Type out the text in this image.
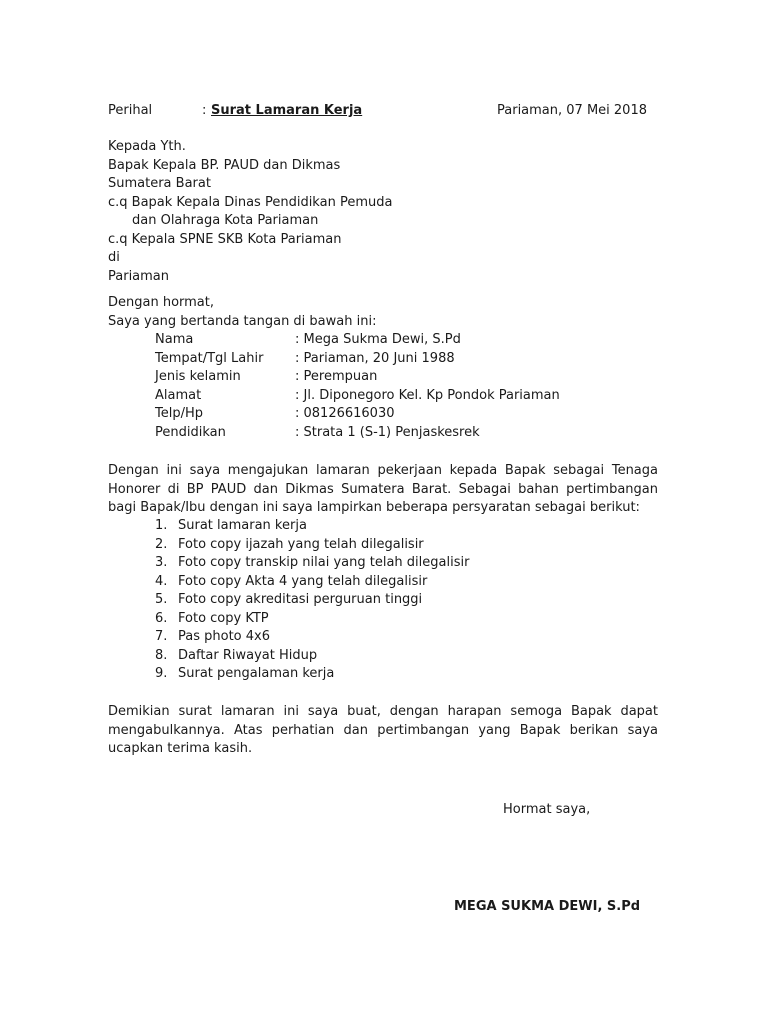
Perihal	: Surat Lamaran Kerja	Pariaman, 07 Mei 2018
Kepada Yth.
Bapak Kepala BP. PAUD dan Dikmas
Sumatera Barat
c.q Bapak Kepala Dinas Pendidikan Pemuda
dan Olahraga Kota Pariaman
c.q Kepala SPNE SKB Kota Pariaman
di
Pariaman
Dengan hormat,
Saya yang bertanda tangan di bawah ini:
Nama	: Mega Sukma Dewi, S.Pd
Tempat/Tgl Lahir : Pariaman, 20 Juni 1988
Jenis kelamin	: Perempuan
Alamat	: Jl. Diponegoro Kel. Kp Pondok Pariaman
Telp/Hp	: 08126616030
Pendidikan	: Strata 1 (S-1) Penjaskesrek
Dengan ini saya mengajukan lamaran pekerjaan kepada Bapak sebagai Tenaga Honorer di BP PAUD dan Dikmas Sumatera Barat. Sebagai bahan pertimbangan bagi Bapak/Ibu dengan ini saya lampirkan beberapa persyaratan sebagai berikut:
1. Surat lamaran kerja
2. Foto copy ijazah yang telah dilegalisir
3. Foto copy transkip nilai yang telah dilegalisir
4. Foto copy Akta 4 yang telah dilegalisir
5. Foto copy akreditasi perguruan tinggi
6. Foto copy KTP
7. Pas photo 4x6
8. Daftar Riwayat Hidup
9. Surat pengalaman kerja
Demikian surat lamaran ini saya buat, dengan harapan semoga Bapak dapat mengabulkannya. Atas perhatian dan pertimbangan yang Bapak berikan saya ucapkan terima kasih.
Hormat saya,
MEGA SUKMA DEWI, S.Pd
